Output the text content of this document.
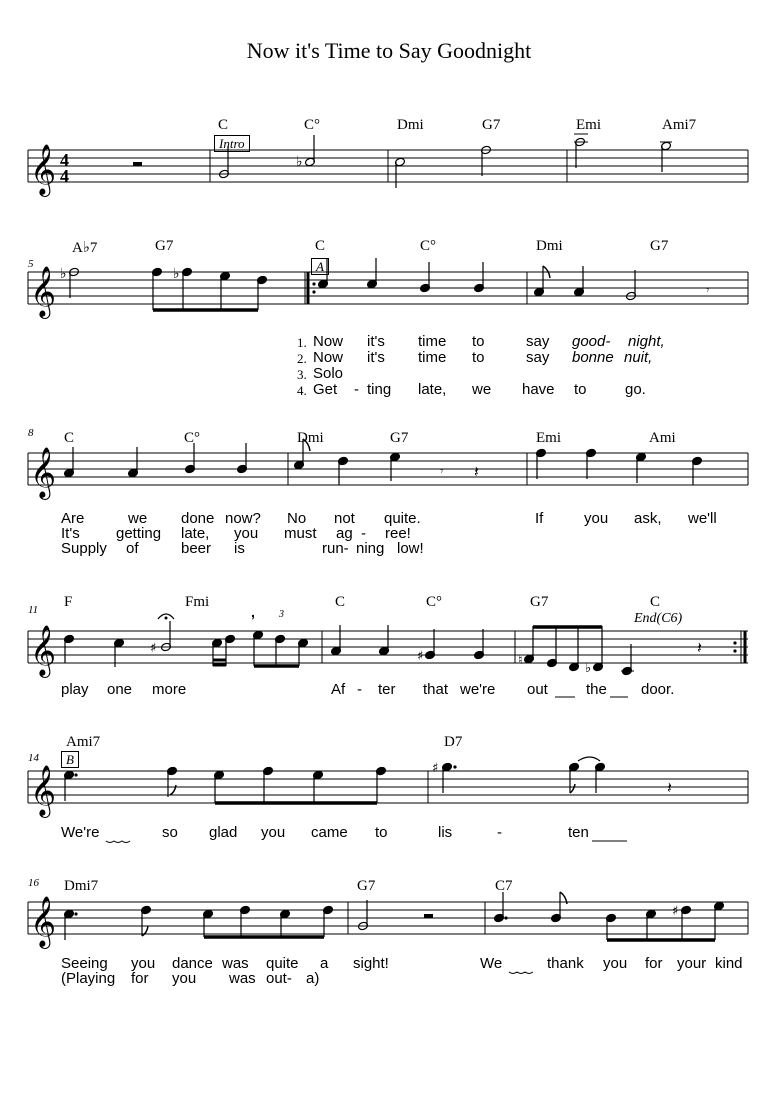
Now it's Time to Say Goodnight
C	C°	Dmi	G7	Emi	Ami7
Intro
𝄞 4
4
♭
5
A♭7	G7	C	C°	Dmi	G7
A
𝄞 ♭	♭
𝄾
1.
2.
3.
4.
Now it's time to	say good- night,
Now it's time to	say bonne nuit,
Solo
Get - ting late, we have to	go.
8 C	C°	Dmi	G7	Emi	Ami
𝄞	𝄾 𝄽
Are	we done now? No not quite.	If	you ask, we'll
It's getting late, you must ag - ree!
Supply of	beer is	run- ning low!
11 F	Fmi	C	C°	G7	C
End(C6)
3
𝄞	♯
♯	♮
♭
,
𝄽
play one more	Af - ter that we're out	the door.
14
Ami7	D7
B
𝄞	♯
𝄽
We're	so glad you came to	lis	-	ten
16 Dmi7	G7	C7
𝄞	♯
Seeing you dance was quite a sight!	We	thank you for your kind
(Playing for you was out- a)
